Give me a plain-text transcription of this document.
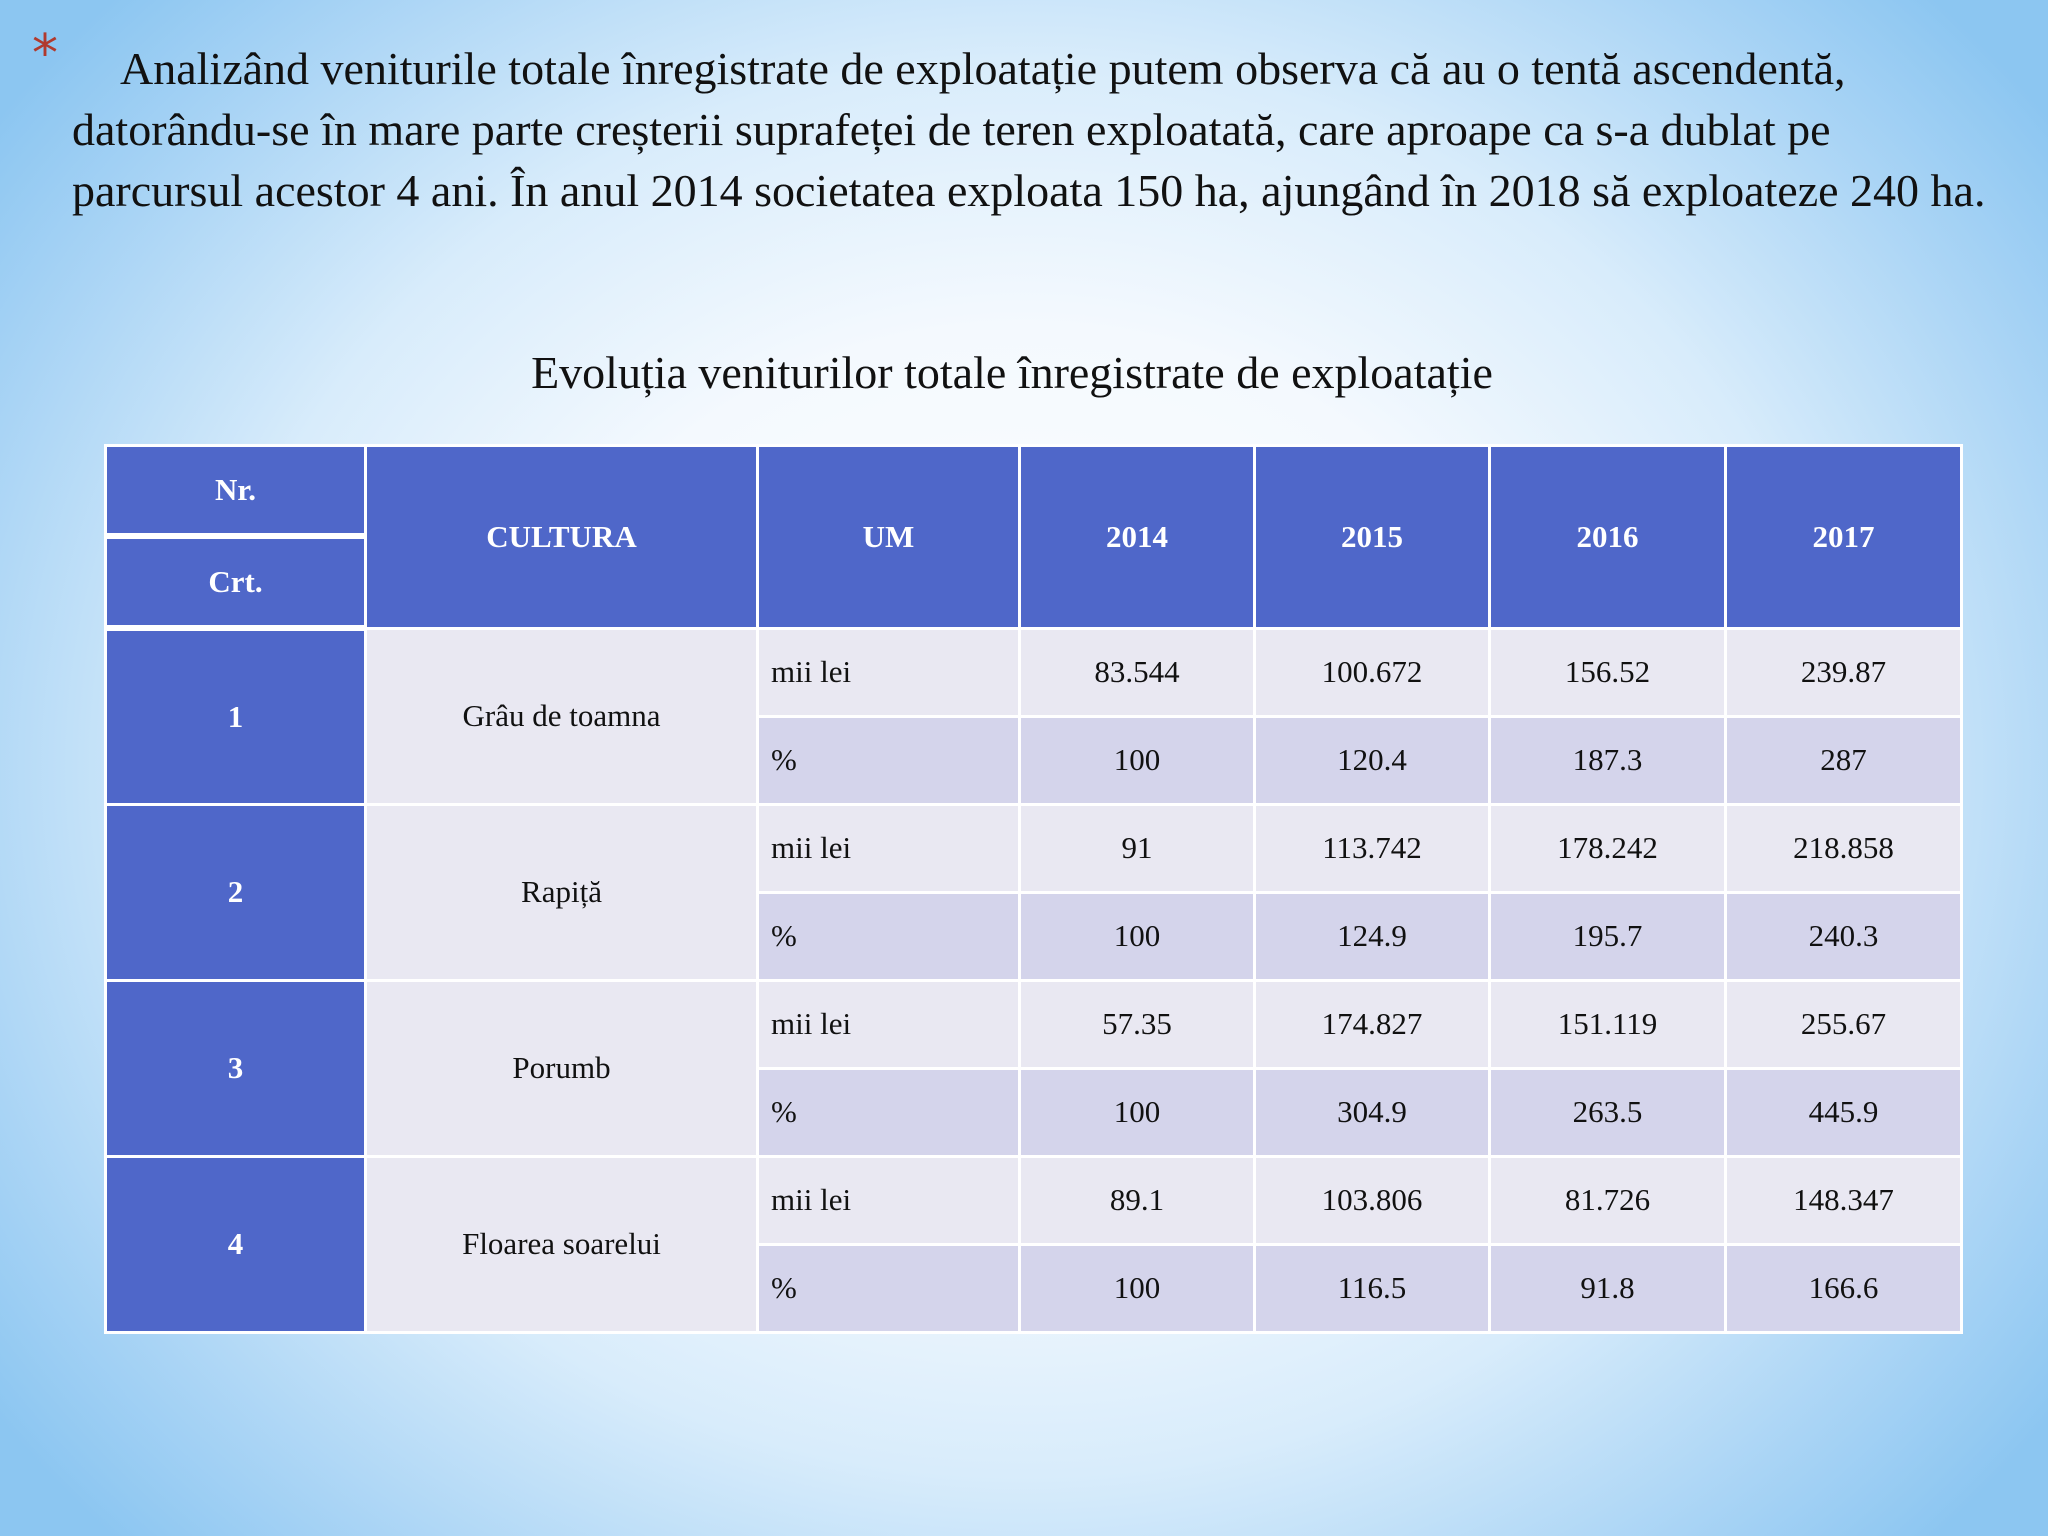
*	Analizând veniturile totale înregistrate de exploatație putem observa că au o tentă ascendentă, datorându-se în mare parte creșterii suprafeței de teren exploatată, care aproape ca s-a dublat pe parcursul acestor 4 ani. În anul 2014 societatea exploata 150 ha, ajungând în 2018 să exploateze 240 ha.

Evoluția veniturilor totale înregistrate de exploatație
Nr.	CULTURA	UM	2014	2015	2016	2017
Crt.						
1	Grâu de toamna	mii lei	83.544	100.672	156.52	239.87
		%	100	120.4	187.3	287
2	Rapiță	mii lei	91	113.742	178.242	218.858
		%	100	124.9	195.7	240.3
3	Porumb	mii lei	57.35	174.827	151.119	255.67
		%	100	304.9	263.5	445.9
4	Floarea soarelui	mii lei	89.1	103.806	81.726	148.347
		%	100	116.5	91.8	166.6
